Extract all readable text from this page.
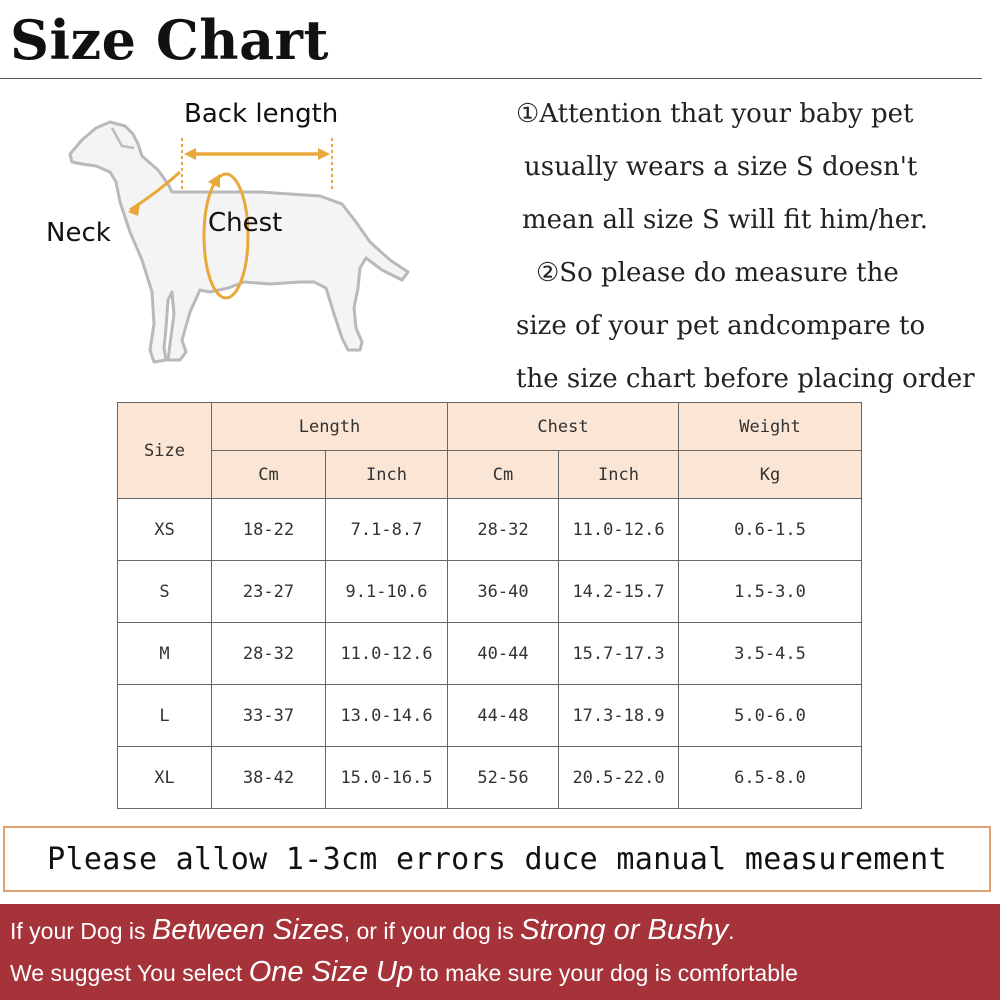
Size Chart
Back length
Neck	Chest

①Attention that your baby pet

usually wears a size S doesn't

mean all size S will fit him/her.

②So please do measure the

size of your pet andcompare to

the size chart before placing order

Size	Length		Chest		Weight
	Cm	Inch	Cm	Inch	Kg
XS	18-22	7.1-8.7	28-32	11.0-12.6	0.6-1.5
S	23-27	9.1-10.6	36-40	14.2-15.7	1.5-3.0
M	28-32	11.0-12.6	40-44	15.7-17.3	3.5-4.5
L	33-37	13.0-14.6	44-48	17.3-18.9	5.0-6.0
XL	38-42	15.0-16.5	52-56	20.5-22.0	6.5-8.0
Please allow 1-3cm errors duce manual measurement
If your Dog is Between Sizes, or if your dog is Strong or Bushy.
We suggest You select One Size Up to make sure your dog is comfortable
